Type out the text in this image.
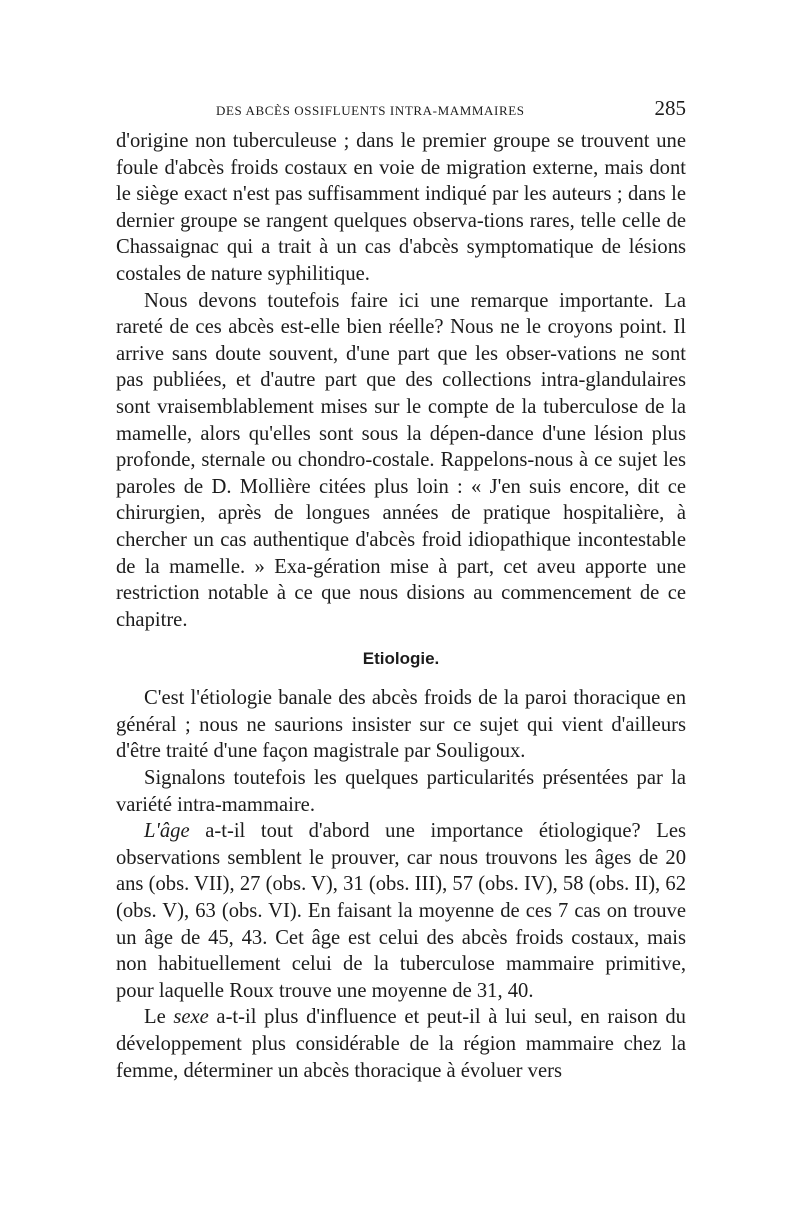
DES ABCÈS OSSIFLUENTS INTRA-MAMMAIRES	285

d'origine non tuberculeuse ; dans le premier groupe se trouvent une foule d'abcès froids costaux en voie de migration externe, mais dont le siège exact n'est pas suffisamment indiqué par les auteurs ; dans le dernier groupe se rangent quelques observa-tions rares, telle celle de Chassaignac qui a trait à un cas d'abcès symptomatique de lésions costales de nature syphilitique.

Nous devons toutefois faire ici une remarque importante. La rareté de ces abcès est-elle bien réelle? Nous ne le croyons point. Il arrive sans doute souvent, d'une part que les obser-vations ne sont pas publiées, et d'autre part que des collections intra-glandulaires sont vraisemblablement mises sur le compte de la tuberculose de la mamelle, alors qu'elles sont sous la dépen-dance d'une lésion plus profonde, sternale ou chondro-costale. Rappelons-nous à ce sujet les paroles de D. Mollière citées plus loin : « J'en suis encore, dit ce chirurgien, après de longues années de pratique hospitalière, à chercher un cas authentique d'abcès froid idiopathique incontestable de la mamelle. » Exa-gération mise à part, cet aveu apporte une restriction notable à ce que nous disions au commencement de ce chapitre.

Etiologie.

C'est l'étiologie banale des abcès froids de la paroi thoracique en général ; nous ne saurions insister sur ce sujet qui vient d'ailleurs d'être traité d'une façon magistrale par Souligoux.

Signalons toutefois les quelques particularités présentées par la variété intra-mammaire.

L'âge a-t-il tout d'abord une importance étiologique? Les observations semblent le prouver, car nous trouvons les âges de 20 ans (obs. VII), 27 (obs. V), 31 (obs. III), 57 (obs. IV), 58 (obs. II), 62 (obs. V), 63 (obs. VI). En faisant la moyenne de ces 7 cas on trouve un âge de 45, 43. Cet âge est celui des abcès froids costaux, mais non habituellement celui de la tuberculose mammaire primitive, pour laquelle Roux trouve une moyenne de 31, 40.

Le sexe a-t-il plus d'influence et peut-il à lui seul, en raison du développement plus considérable de la région mammaire chez la femme, déterminer un abcès thoracique à évoluer vers
